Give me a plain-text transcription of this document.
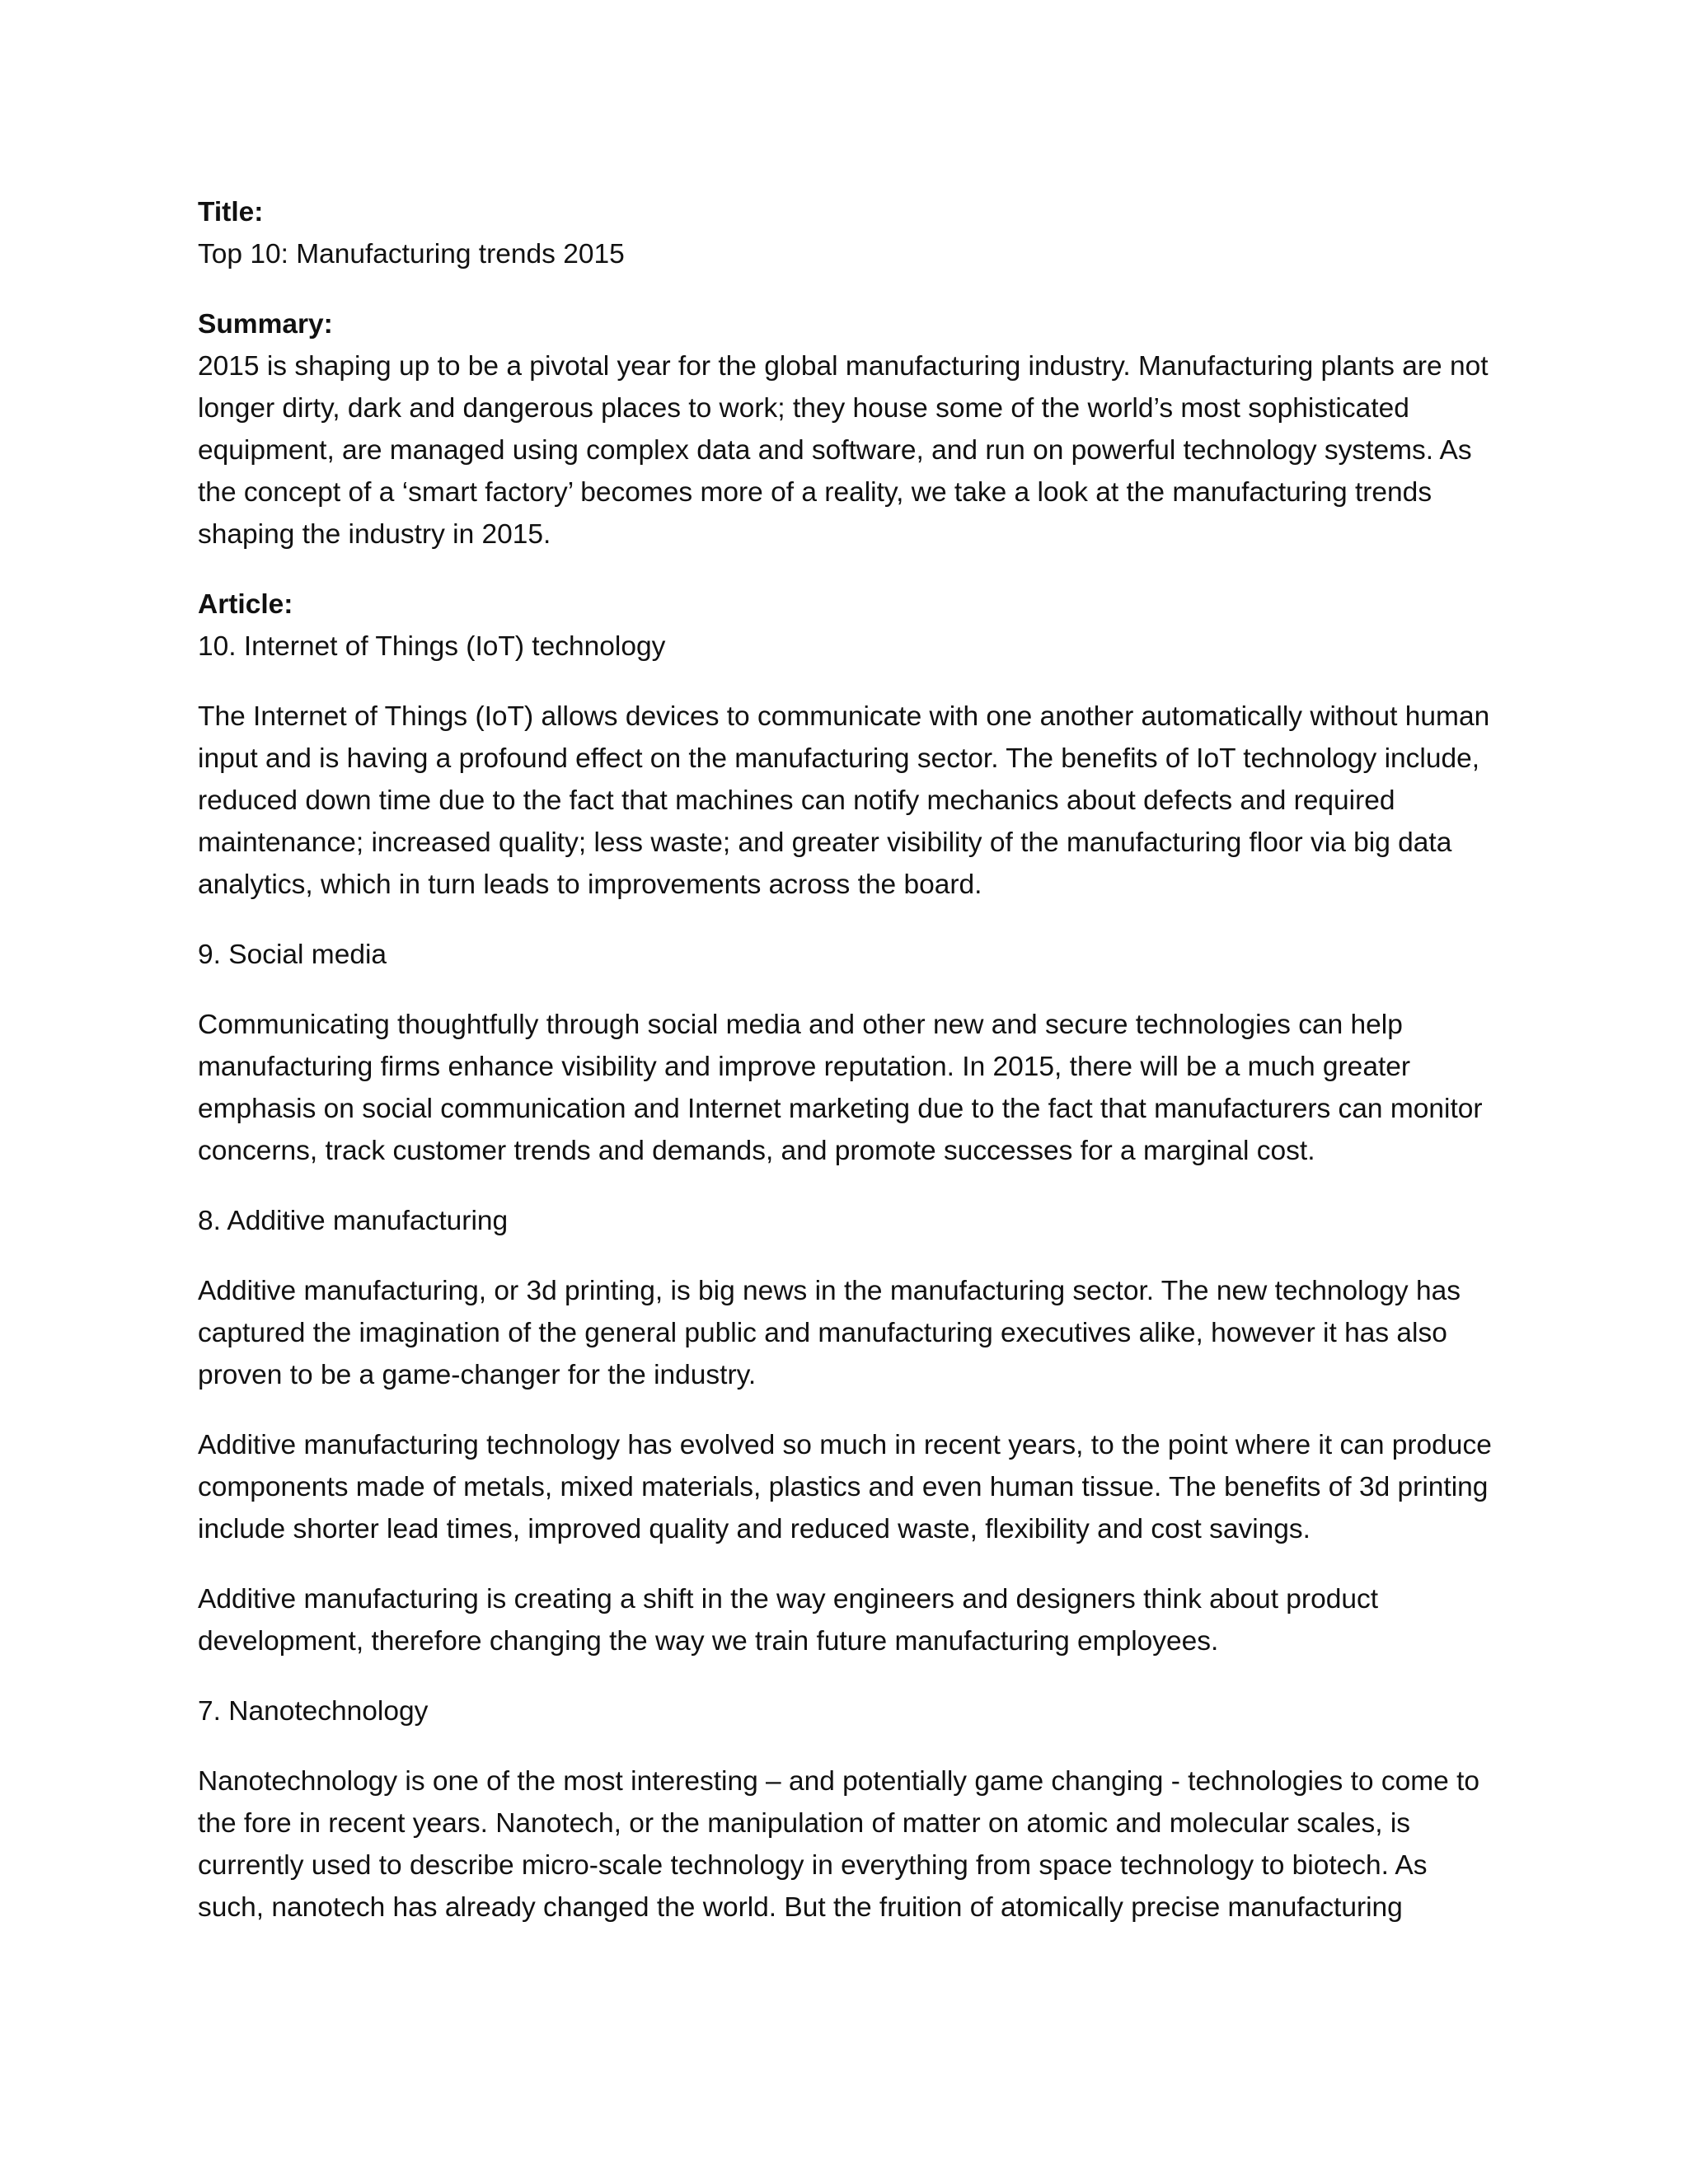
Title:
Top 10: Manufacturing trends 2015
Summary:
2015 is shaping up to be a pivotal year for the global manufacturing industry. Manufacturing plants are not longer dirty, dark and dangerous places to work; they house some of the world’s most sophisticated equipment, are managed using complex data and software, and run on powerful technology systems. As the concept of a ‘smart factory’ becomes more of a reality, we take a look at the manufacturing trends shaping the industry in 2015.
Article:

10. Internet of Things (IoT) technology

The Internet of Things (IoT) allows devices to communicate with one another automatically without human input and is having a profound effect on the manufacturing sector. The benefits of IoT technology include, reduced down time due to the fact that machines can notify mechanics about defects and required maintenance; increased quality; less waste; and greater visibility of the manufacturing floor via big data analytics, which in turn leads to improvements across the board.

9. Social media

Communicating thoughtfully through social media and other new and secure technologies can help manufacturing firms enhance visibility and improve reputation. In 2015, there will be a much greater emphasis on social communication and Internet marketing due to the fact that manufacturers can monitor concerns, track customer trends and demands, and promote successes for a marginal cost.

8. Additive manufacturing

Additive manufacturing, or 3d printing, is big news in the manufacturing sector. The new technology has captured the imagination of the general public and manufacturing executives alike, however it has also proven to be a game-changer for the industry.

Additive manufacturing technology has evolved so much in recent years, to the point where it can produce components made of metals, mixed materials, plastics and even human tissue. The benefits of 3d printing include shorter lead times, improved quality and reduced waste, flexibility and cost savings.

Additive manufacturing is creating a shift in the way engineers and designers think about product development, therefore changing the way we train future manufacturing employees.

7. Nanotechnology

Nanotechnology is one of the most interesting – and potentially game changing - technologies to come to the fore in recent years. Nanotech, or the manipulation of matter on atomic and molecular scales, is currently used to describe micro-scale technology in everything from space technology to biotech. As such, nanotech has already changed the world. But the fruition of atomically precise manufacturing
